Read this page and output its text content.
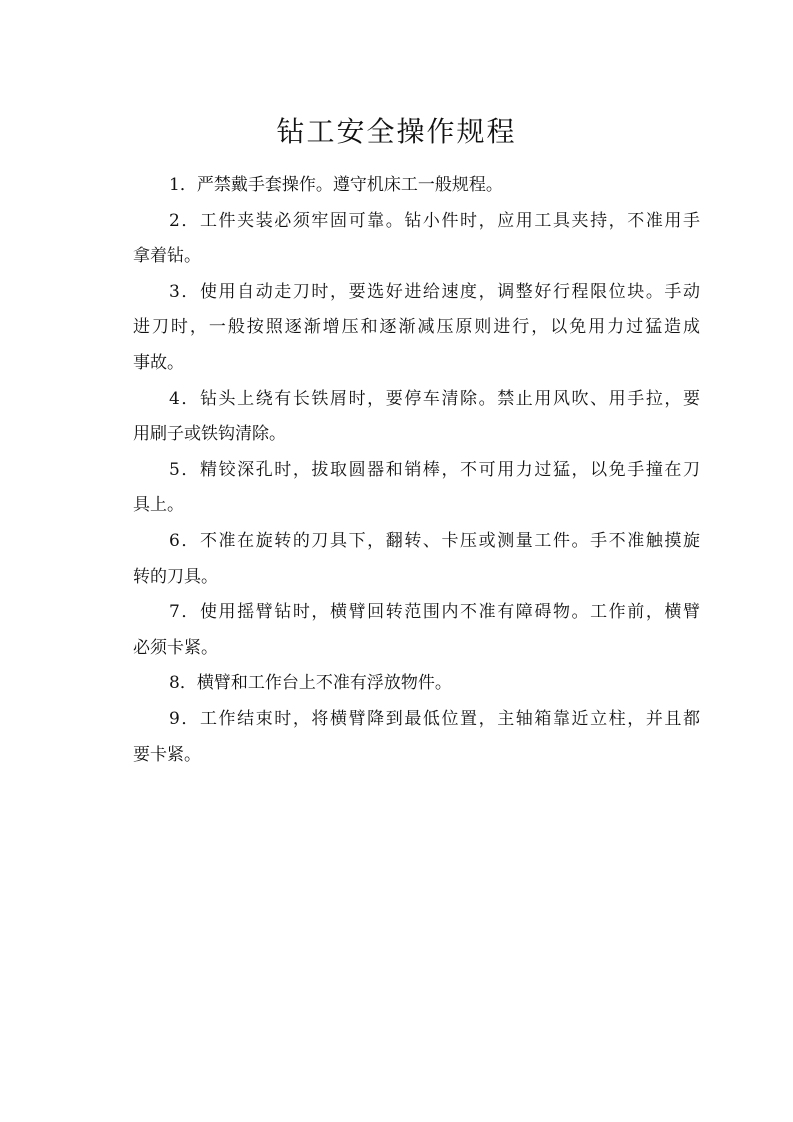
钻工安全操作规程
1．严禁戴手套操作。遵守机床工一般规程。
2．工件夹装必须牢固可靠。钻小件时，应用工具夹持，不准用手
拿着钻。
3．使用自动走刀时，要选好进给速度，调整好行程限位块。手动
进刀时，一般按照逐渐增压和逐渐减压原则进行，以免用力过猛造成
事故。
4．钻头上绕有长铁屑时，要停车清除。禁止用风吹、用手拉，要
用刷子或铁钩清除。
5．精铰深孔时，拔取圆器和销棒，不可用力过猛，以免手撞在刀
具上。
6．不准在旋转的刀具下，翻转、卡压或测量工件。手不准触摸旋
转的刀具。
7．使用摇臂钻时，横臂回转范围内不准有障碍物。工作前，横臂
必须卡紧。
8．横臂和工作台上不准有浮放物件。
9．工作结束时，将横臂降到最低位置，主轴箱靠近立柱，并且都
要卡紧。
